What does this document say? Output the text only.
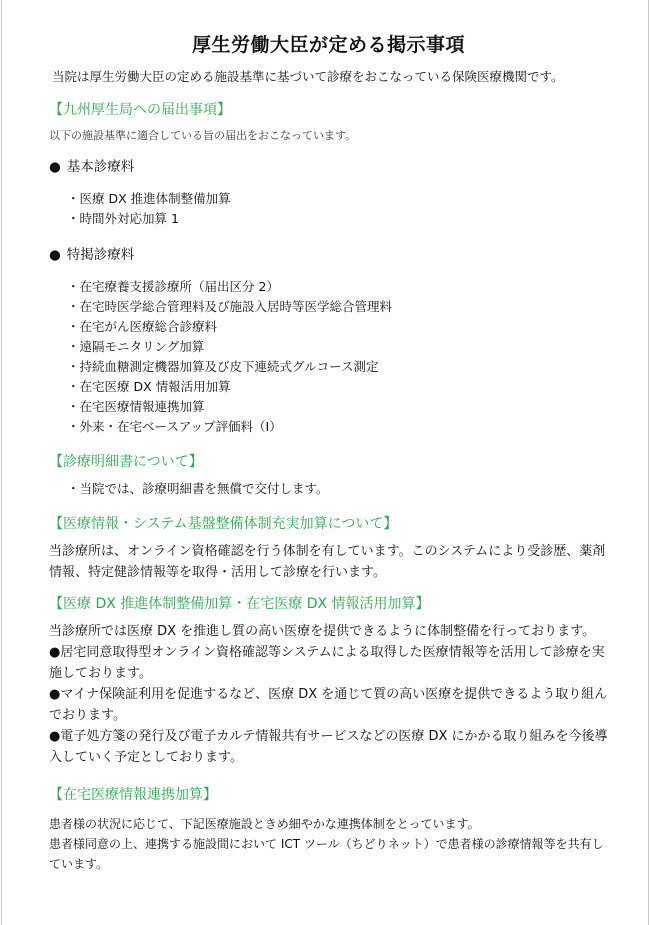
厚生労働大臣が定める掲示事項
当院は厚生労働大臣の定める施設基準に基づいて診療をおこなっている保険医療機関です。
【九州厚生局への届出事項】
以下の施設基準に適合している旨の届出をおこなっています。
● 基本診療料
・ 医療 DX 推進体制整備加算
・ 時間外対応加算 1
● 特掲診療料
・ 在宅療養支援診療所（届出区分 2）
・ 在宅時医学総合管理料及び施設入居時等医学総合管理料
・ 在宅がん医療総合診療料
・ 遠隔モニタリング加算
・ 持続血糖測定機器加算及び皮下連続式グルコース測定
・ 在宅医療 DX 情報活用加算
・ 在宅医療情報連携加算
・ 外来・在宅ベースアップ評価料（Ⅰ）
【診療明細書について】
・ 当院では、診療明細書を無償で交付します。
【医療情報・システム基盤整備体制充実加算について】

当診療所は、オンライン資格確認を行う体制を有しています。このシステムにより受診歴、薬剤情報、特定健診情報等を取得・活用して診療を行います。

【医療 DX 推進体制整備加算・在宅医療 DX 情報活用加算】

当診療所では医療 DX を推進し質の高い医療を提供できるように体制整備を行っております。

●居宅同意取得型オンライン資格確認等システムによる取得した医療情報等を活用して診療を実施しております。

●マイナ保険証利用を促進するなど、医療 DX を通じて質の高い医療を提供できるよう取り組んでおります。

●電子処方箋の発行及び電子カルテ情報共有サービスなどの医療 DX にかかる取り組みを今後導入していく予定としております。

【在宅医療情報連携加算】

患者様の状況に応じて、下記医療施設ときめ細やかな連携体制をとっています。

患者様同意の上、連携する施設間において ICT ツール（ちどりネット）で患者様の診療情報等を共有しています。
